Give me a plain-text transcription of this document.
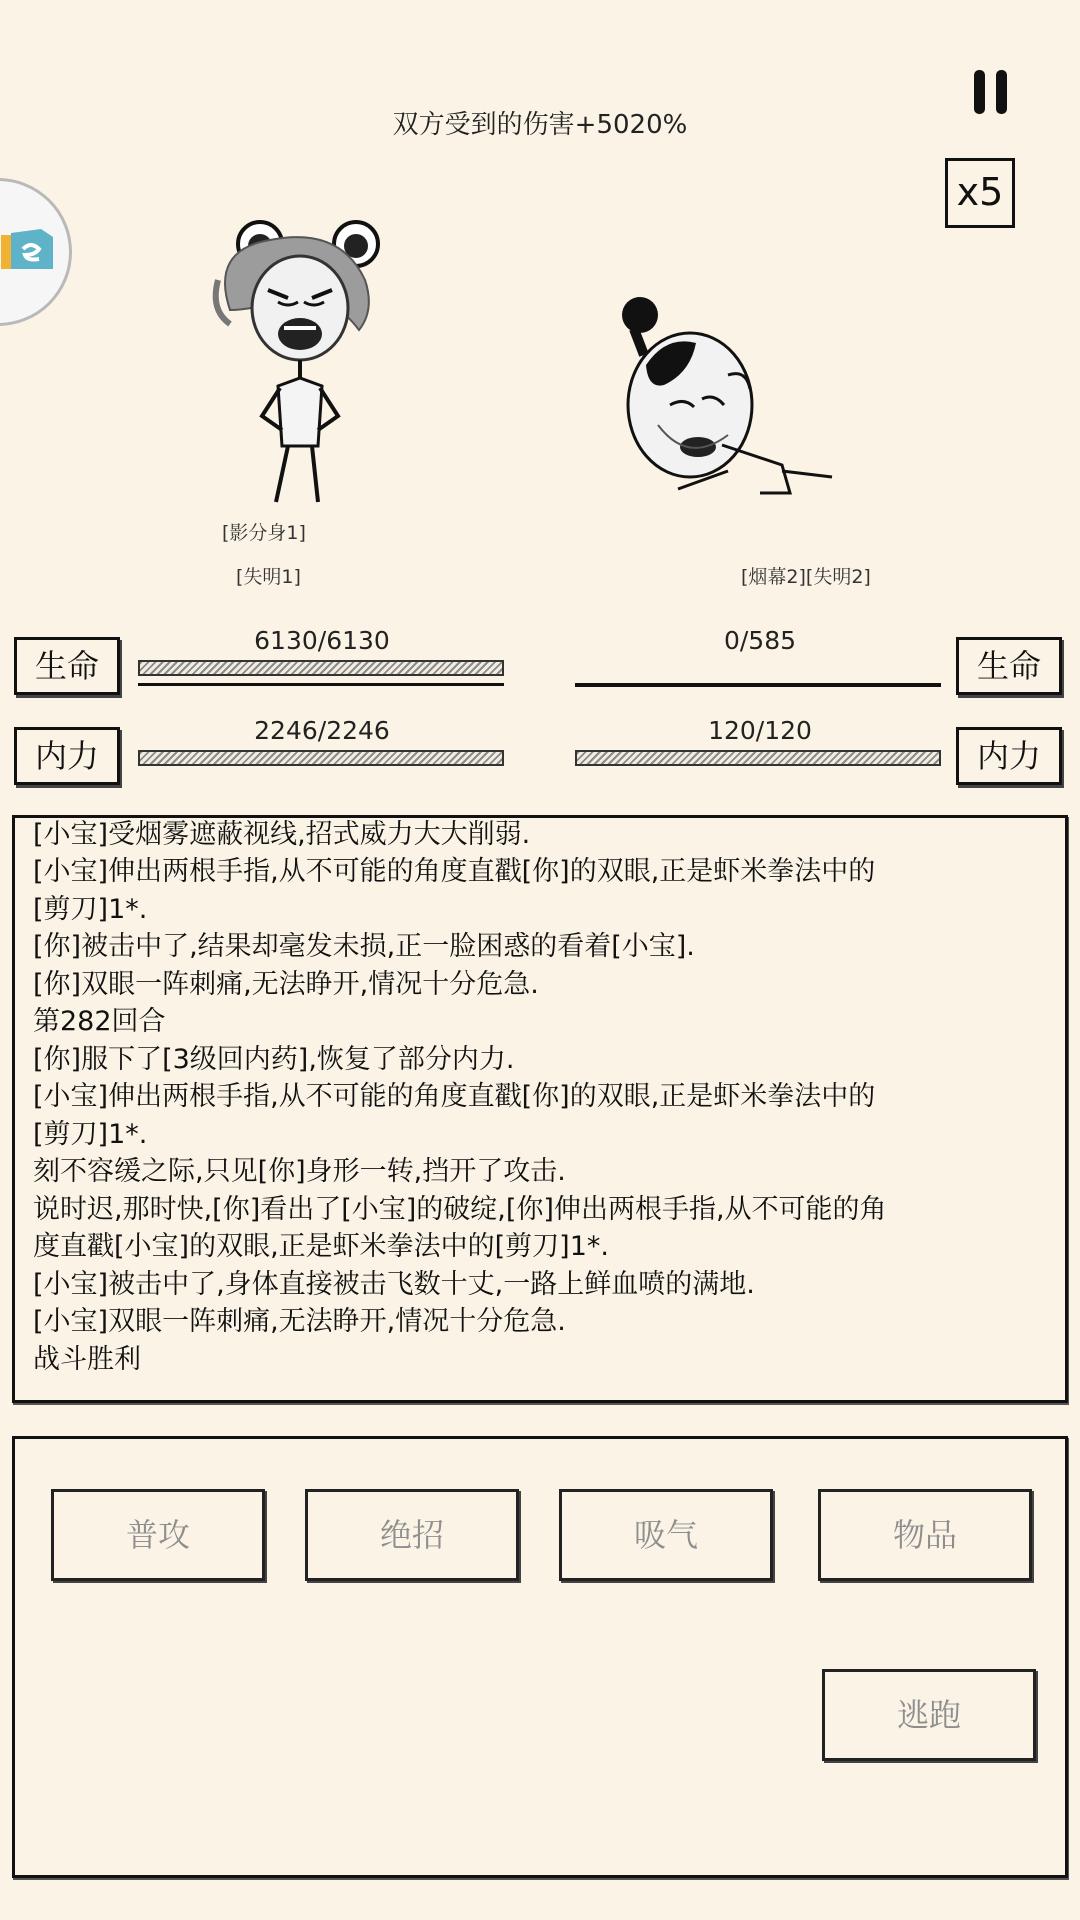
双方受到的伤害+5020%
x5
[影分身1]
[失明1]	[烟幕2][失明2]
生命
6130/6130	0/585
生命
内力
2246/2246	120/120
内力
[小宝]受烟雾遮蔽视线,招式威力大大削弱.
[小宝]伸出两根手指,从不可能的角度直戳[你]的双眼,正是虾米拳法中的
[剪刀]1*.
[你]被击中了,结果却毫发未损,正一脸困惑的看着[小宝].
[你]双眼一阵刺痛,无法睁开,情况十分危急.
第282回合
[你]服下了[3级回内药],恢复了部分内力.
[小宝]伸出两根手指,从不可能的角度直戳[你]的双眼,正是虾米拳法中的
[剪刀]1*.
刻不容缓之际,只见[你]身形一转,挡开了攻击.
说时迟,那时快,[你]看出了[小宝]的破绽,[你]伸出两根手指,从不可能的角
度直戳[小宝]的双眼,正是虾米拳法中的[剪刀]1*.
[小宝]被击中了,身体直接被击飞数十丈,一路上鲜血喷的满地.
[小宝]双眼一阵刺痛,无法睁开,情况十分危急.
战斗胜利
普攻	绝招	吸气	物品
逃跑
